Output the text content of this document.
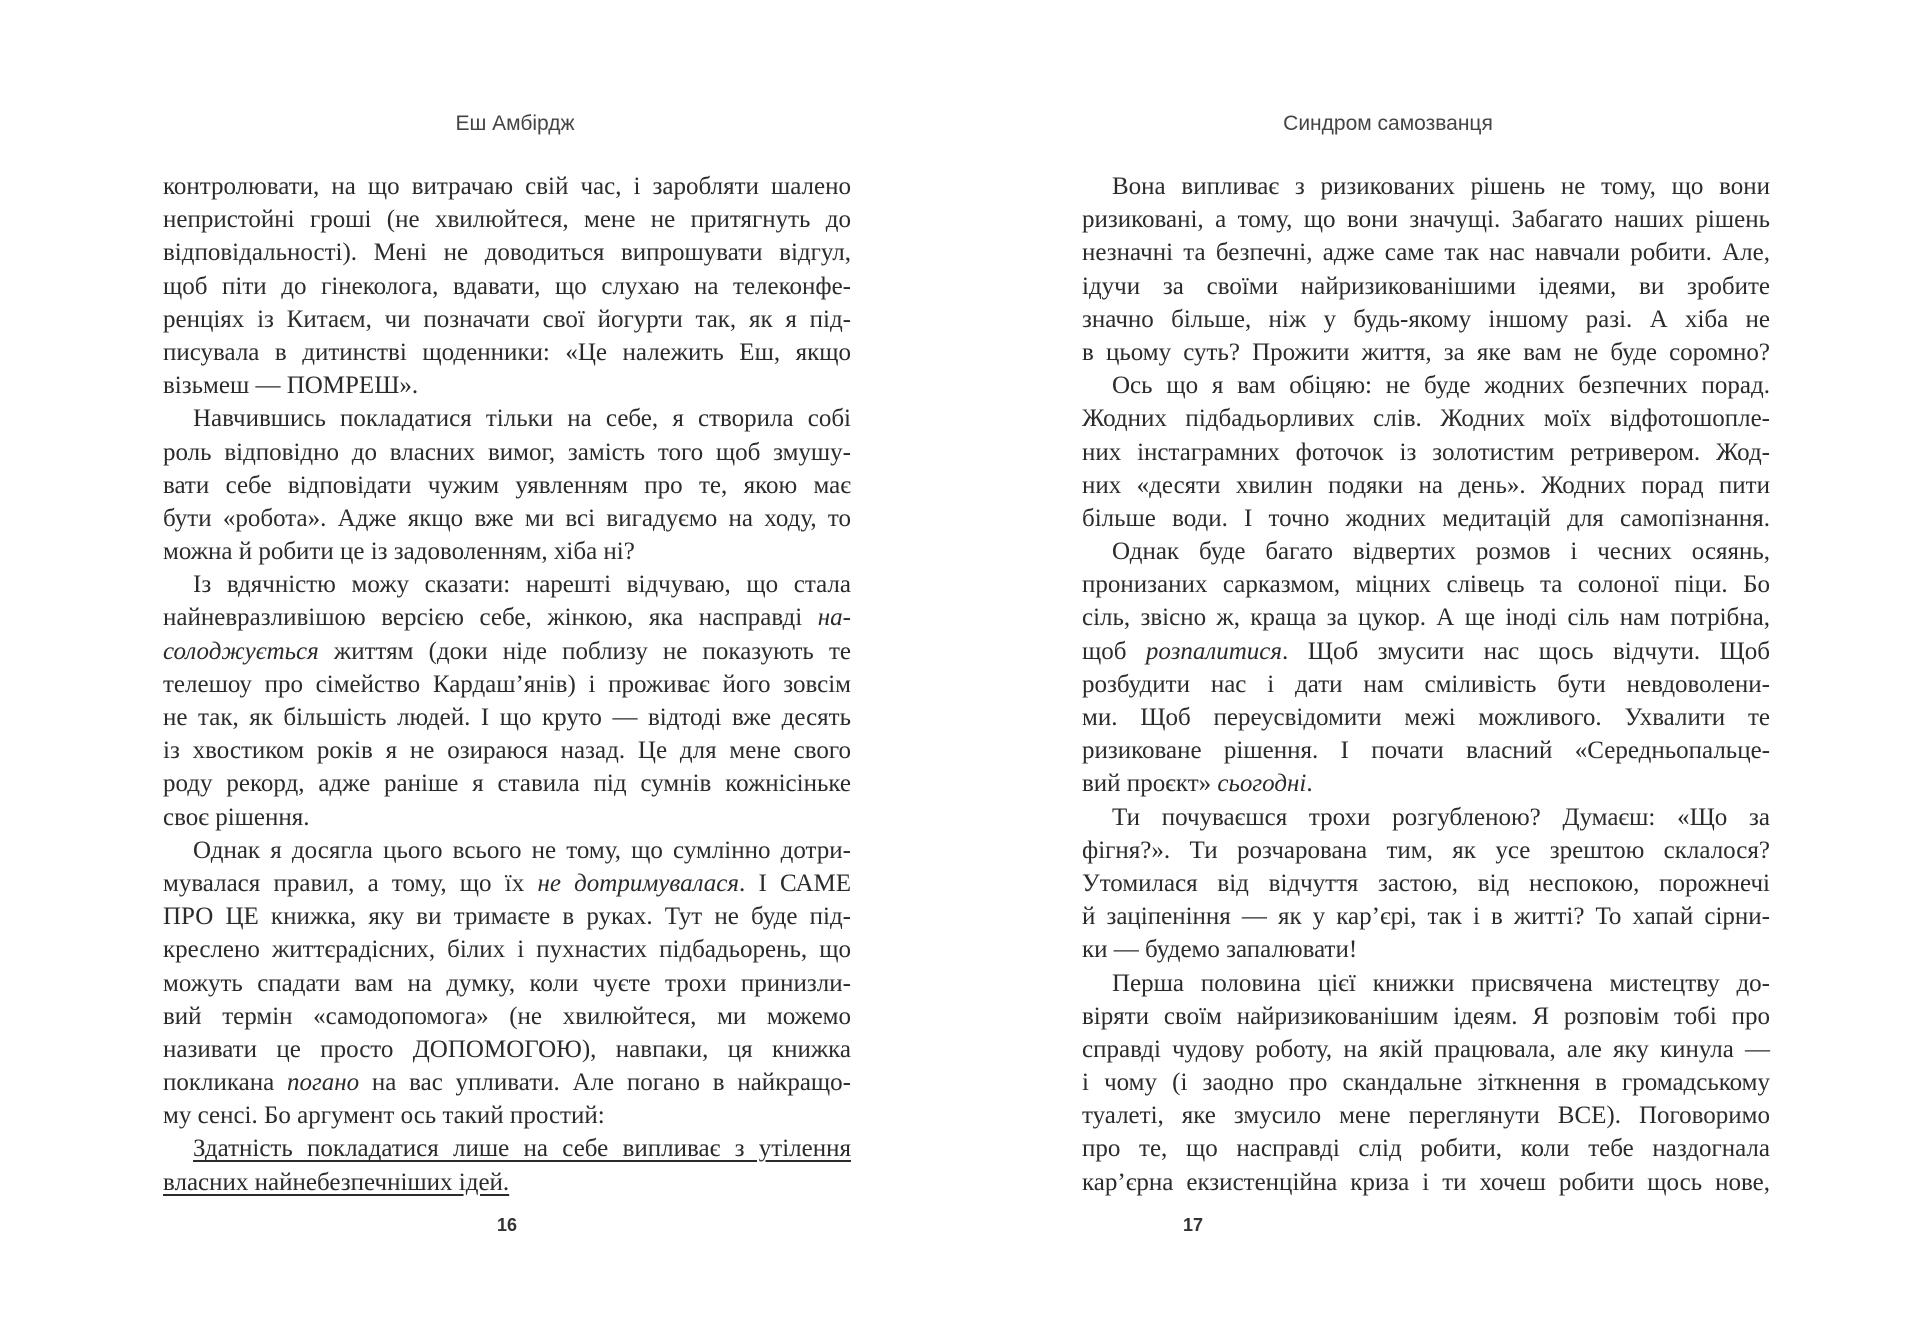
Еш Амбірдж
контролювати, на що витрачаю свій час, і заробляти шалено
непристойні гроші (не хвилюйтеся, мене не притягнуть до
відповідальності). Мені не доводиться випрошувати відгул,
щоб піти до гінеколога, вдавати, що слухаю на телеконфе-
ренціях із Китаєм, чи позначати свої йогурти так, як я під-
писувала в дитинстві щоденники: «Це належить Еш, якщо
візьмеш — ПОМРЕШ».
Навчившись покладатися тільки на себе, я створила собі
роль відповідно до власних вимог, замість того щоб змушу-
вати себе відповідати чужим уявленням про те, якою має
бути «робота». Адже якщо вже ми всі вигадуємо на ходу, то
можна й робити це із задоволенням, хіба ні?
Із вдячністю можу сказати: нарешті відчуваю, що стала
найневразливішою версією себе, жінкою, яка насправді на-
солоджується життям (доки ніде поблизу не показують те
телешоу про сімейство Кардаш’янів) і проживає його зовсім
не так, як більшість людей. І що круто — відтоді вже десять
із хвостиком років я не озираюся назад. Це для мене свого
роду рекорд, адже раніше я ставила під сумнів кожнісіньке
своє рішення.
Однак я досягла цього всього не тому, що сумлінно дотри-
мувалася правил, а тому, що їх не дотримувалася. І САМЕ
ПРО ЦЕ книжка, яку ви тримаєте в руках. Тут не буде під-
креслено життєрадісних, білих і пухнастих підбадьорень, що
можуть спадати вам на думку, коли чуєте трохи принизли-
вий термін «самодопомога» (не хвилюйтеся, ми можемо
називати це просто ДОПОМОГОЮ), навпаки, ця книжка
покликана погано на вас упливати. Але погано в найкращо-
му сенсі. Бо аргумент ось такий простий:
Здатність покладатися лише на себе випливає з утілення
власних найнебезпечніших ідей.
16
Синдром самозванця
Вона випливає з ризикованих рішень не тому, що вони
ризиковані, а тому, що вони значущі. Забагато наших рішень
незначні та безпечні, адже саме так нас навчали робити. Але,
ідучи за своїми найризикованішими ідеями, ви зробите
значно більше, ніж у будь-якому іншому разі. А хіба не
в цьому суть? Прожити життя, за яке вам не буде соромно?
Ось що я вам обіцяю: не буде жодних безпечних порад.
Жодних підбадьорливих слів. Жодних моїх відфотошопле-
них інстаграмних фоточок із золотистим ретривером. Жод-
них «десяти хвилин подяки на день». Жодних порад пити
більше води. І точно жодних медитацій для самопізнання.
Однак буде багато відвертих розмов і чесних осяянь,
пронизаних сарказмом, міцних слівець та солоної піци. Бо
сіль, звісно ж, краща за цукор. А ще іноді сіль нам потрібна,
щоб розпалитися. Щоб змусити нас щось відчути. Щоб
розбудити нас і дати нам сміливість бути невдоволени-
ми. Щоб переусвідомити межі можливого. Ухвалити те
ризиковане рішення. І почати власний «Середньопальце-
вий проєкт» сьогодні.
Ти почуваєшся трохи розгубленою? Думаєш: «Що за
фігня?». Ти розчарована тим, як усе зрештою склалося?
Утомилася від відчуття застою, від неспокою, порожнечі
й заціпеніння — як у кар’єрі, так і в житті? То хапай сірни-
ки — будемо запалювати!
Перша половина цієї книжки присвячена мистецтву до-
віряти своїм найризикованішим ідеям. Я розповім тобі про
справді чудову роботу, на якій працювала, але яку кинула —
і чому (і заодно про скандальне зіткнення в громадському
туалеті, яке змусило мене переглянути ВСЕ). Поговоримо
про те, що насправді слід робити, коли тебе наздогнала
кар’єрна екзистенційна криза і ти хочеш робити щось нове,
17
